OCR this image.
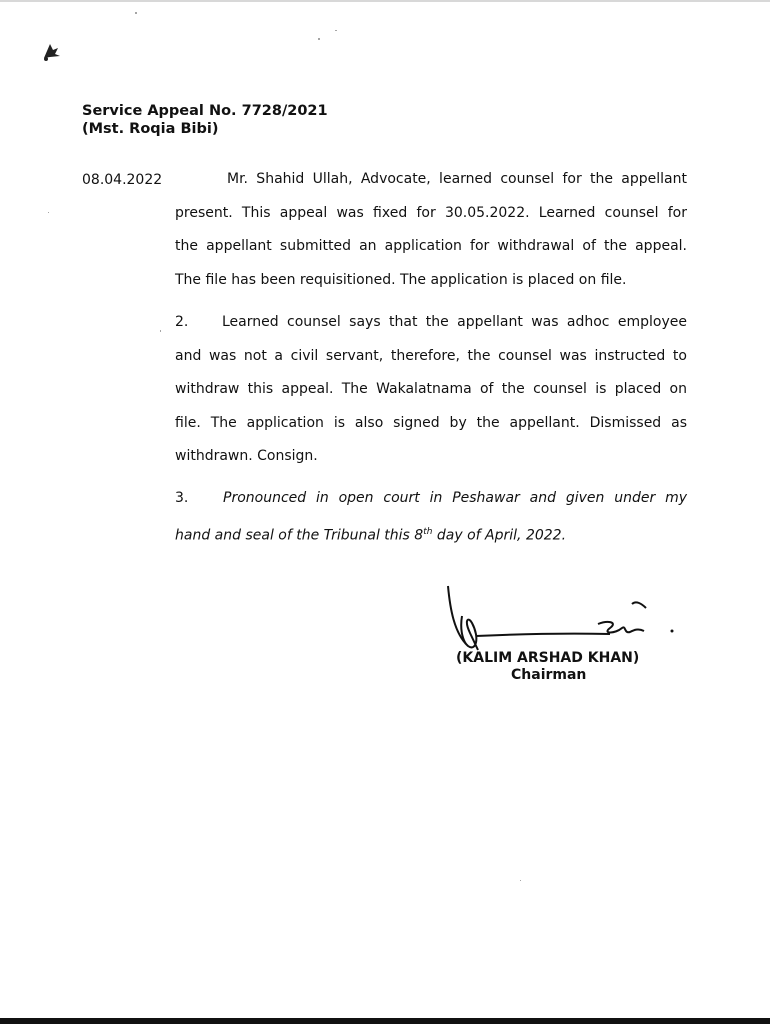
Service Appeal No. 7728/2021
(Mst. Roqia Bibi)
08.04.2022	Mr. Shahid Ullah, Advocate, learned counsel for the appellant
present. This appeal was fixed for 30.05.2022. Learned counsel for
the appellant submitted an application for withdrawal of the appeal.
The file has been requisitioned. The application is placed on file.
2.	Learned counsel says that the appellant was adhoc employee
and was not a civil servant, therefore, the counsel was instructed to
withdraw this appeal. The Wakalatnama of the counsel is placed on
file. The application is also signed by the appellant. Dismissed as
withdrawn. Consign.
3.	Pronounced in open court in Peshawar and given under my
hand and seal of the Tribunal this 8th day of April, 2022.
(KALIM ARSHAD KHAN)
Chairman
